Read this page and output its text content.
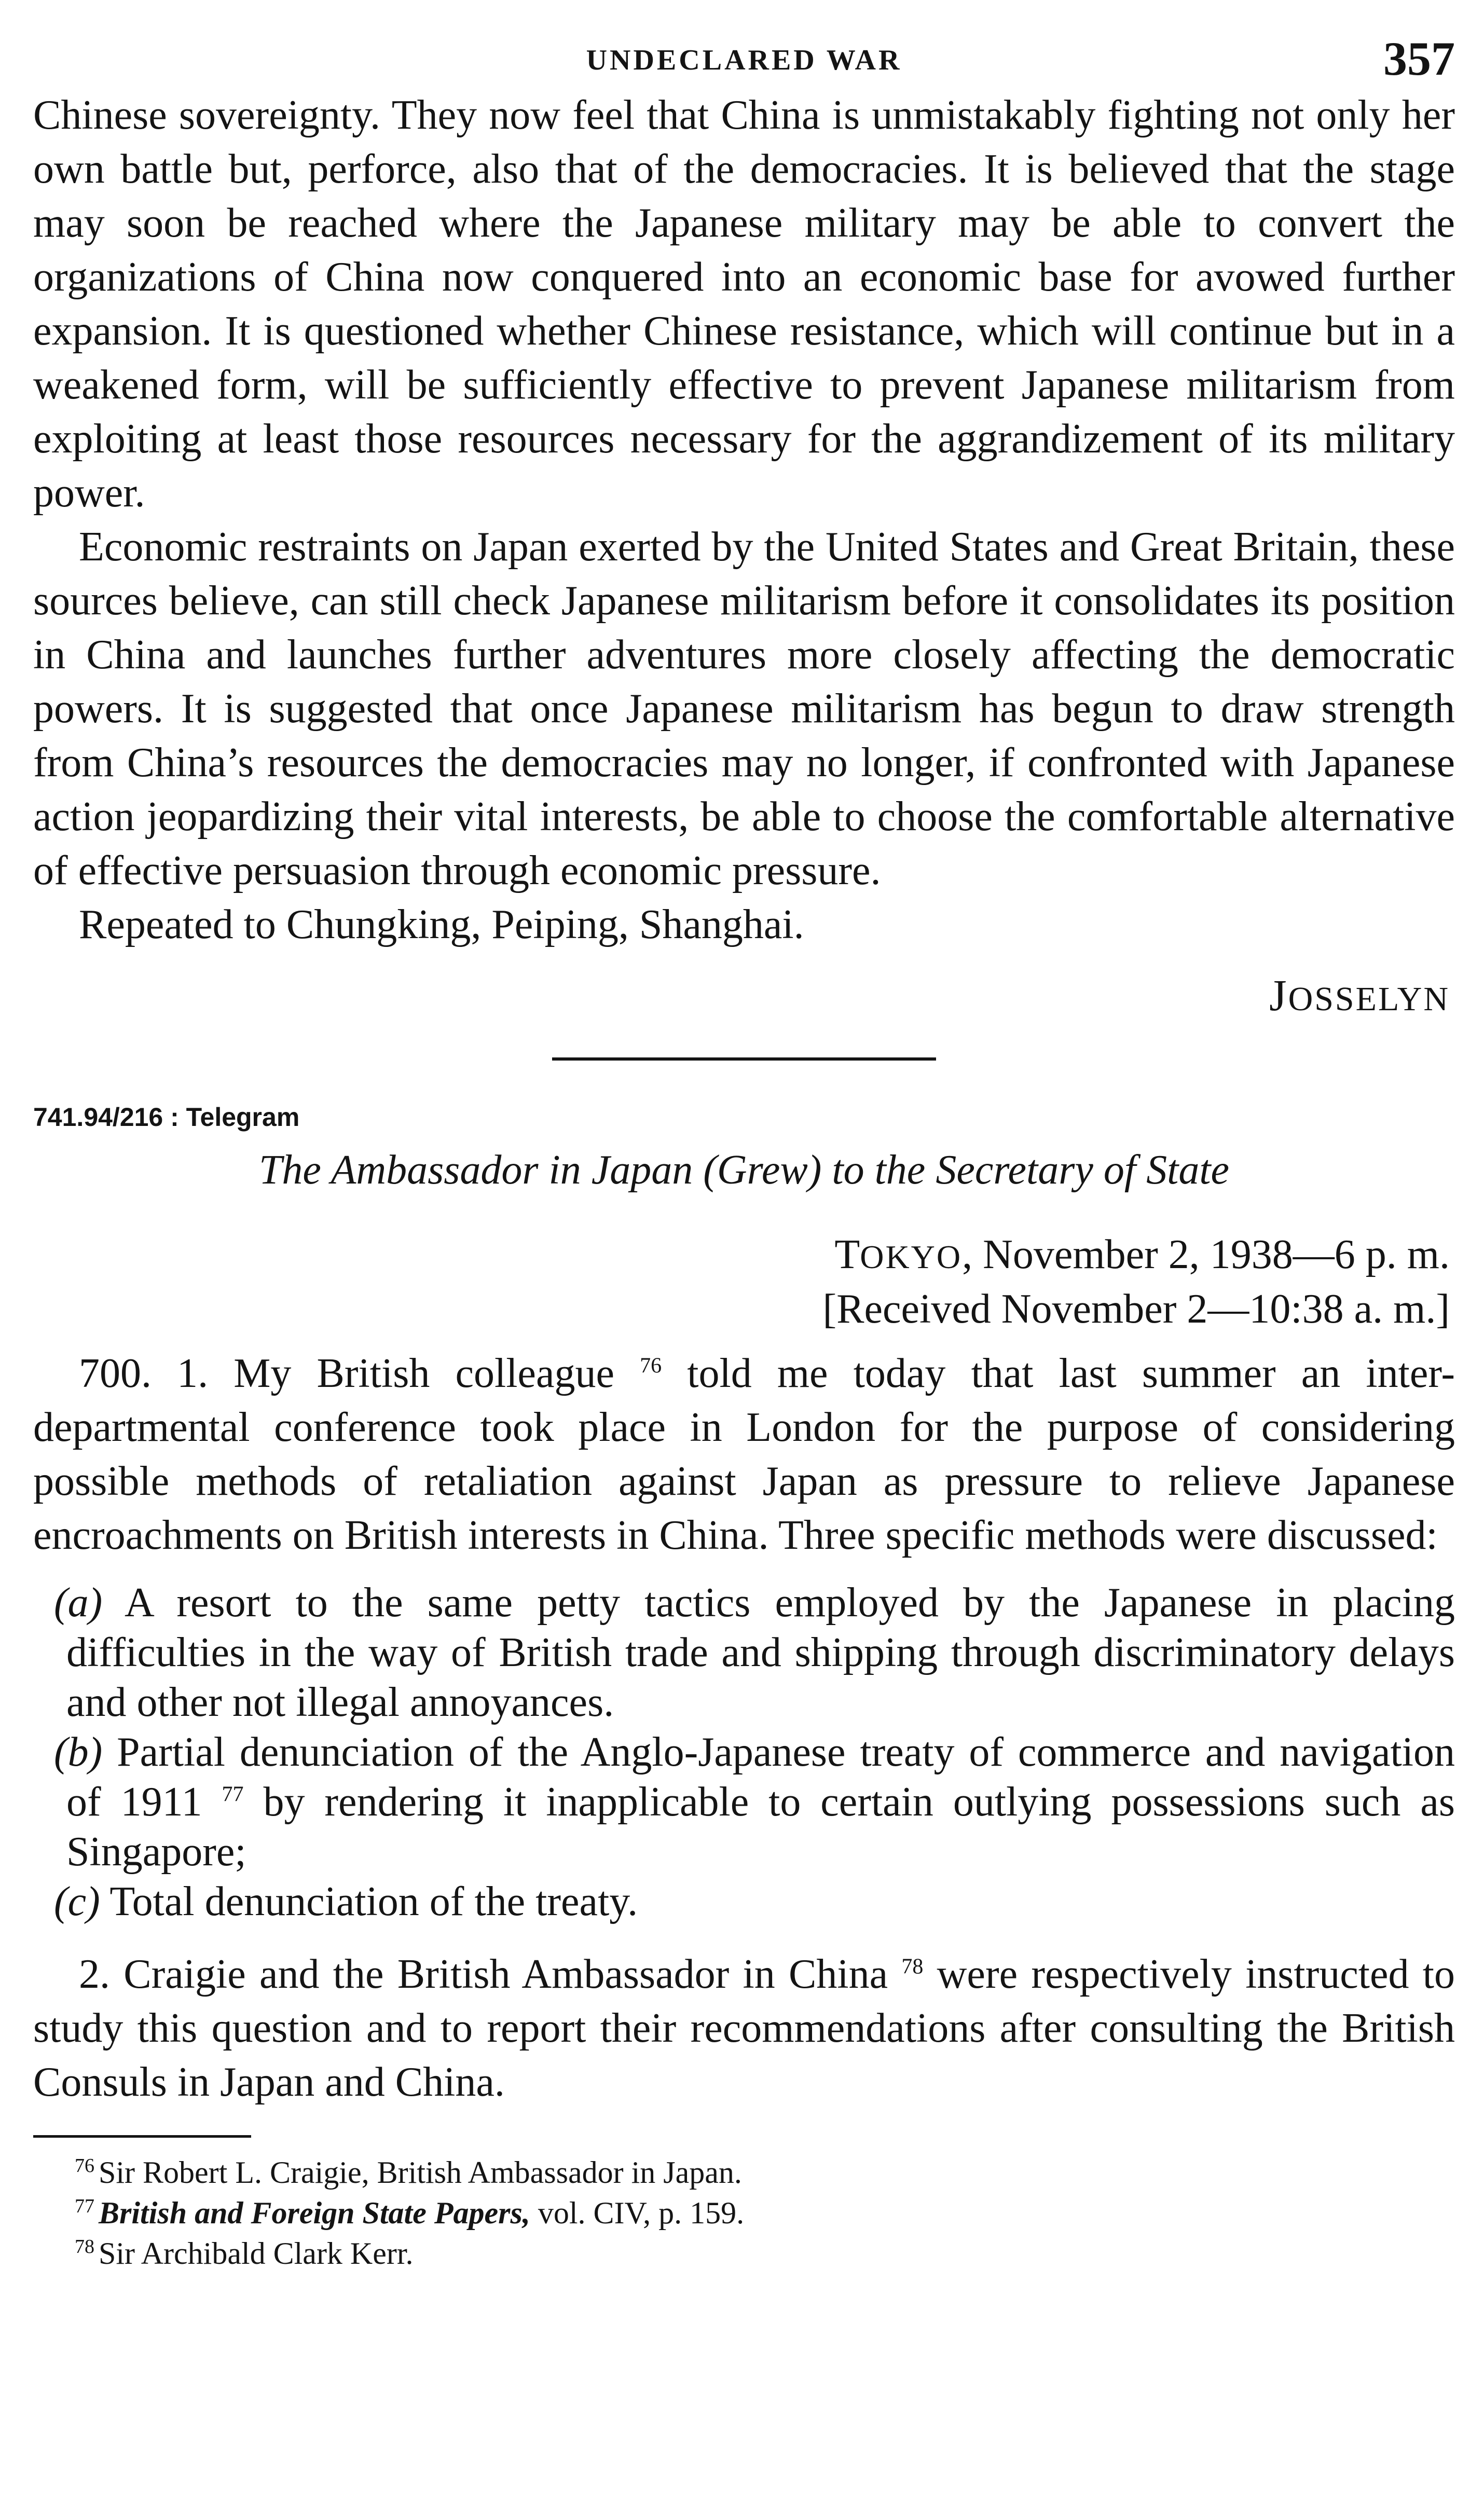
UNDECLARED WAR	357

Chinese sovereignty. They now feel that China is unmistakably fighting not only her own battle but, perforce, also that of the democracies. It is believed that the stage may soon be reached where the Japanese military may be able to convert the organizations of China now conquered into an economic base for avowed further expansion. It is questioned whether Chinese resistance, which will continue but in a weakened form, will be sufficiently effective to prevent Japanese militarism from exploiting at least those resources necessary for the aggrandizement of its military power.

Economic restraints on Japan exerted by the United States and Great Britain, these sources believe, can still check Japanese militarism before it consolidates its position in China and launches further adventures more closely affecting the democratic powers. It is suggested that once Japanese militarism has begun to draw strength from China’s resources the democracies may no longer, if confronted with Japanese action jeopardizing their vital interests, be able to choose the comfortable alternative of effective persuasion through economic pressure.

Repeated to Chungking, Peiping, Shanghai.

JOSSELYN
741.94/216 : Telegram
The Ambassador in Japan (Grew) to the Secretary of State
TOKYO, November 2, 1938—6 p. m.
[Received November 2—10:38 a. m.]

700. 1. My British colleague $^{76}$ told me today that last summer an inter-departmental conference took place in London for the purpose of considering possible methods of retaliation against Japan as pressure to relieve Japanese encroachments on British interests in China. Three specific methods were discussed:

(a) A resort to the same petty tactics employed by the Japanese in placing difficulties in the way of British trade and shipping through discriminatory delays and other not illegal annoyances.

(b) Partial denunciation of the Anglo-Japanese treaty of commerce and navigation of 1911 $^{77}$ by rendering it inapplicable to certain outlying possessions such as Singapore;

(c) Total denunciation of the treaty.

2. Craigie and the British Ambassador in China $^{78}$ were respectively instructed to study this question and to report their recommendations after consulting the British Consuls in Japan and China.

$^{76}$ Sir Robert L. Craigie, British Ambassador in Japan.

$^{77}$ British and Foreign State Papers, vol. CIV, p. 159.

$^{78}$ Sir Archibald Clark Kerr.
